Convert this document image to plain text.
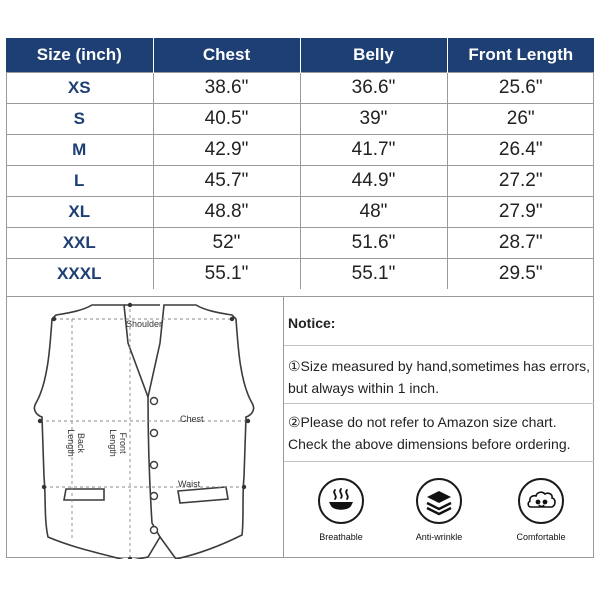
Size (inch)	Chest	Belly	Front Length
XS	38.6"	36.6"	25.6"
S	40.5"	39"	26"
M	42.9"	41.7"	26.4"
L	45.7"	44.9"	27.2"
XL	48.8"	48"	27.9"
XXL	52"	51.6"	28.7"
XXXL	55.1"	55.1"	29.5"
Shoulder
Chest
Waist
Back Length	Front Length
Notice:
①Size measured by hand,sometimes has errors, but always within 1 inch.
②Please do not refer to Amazon size chart. Check the above dimensions before ordering.
Breathable	Anti-wrinkle	Comfortable
